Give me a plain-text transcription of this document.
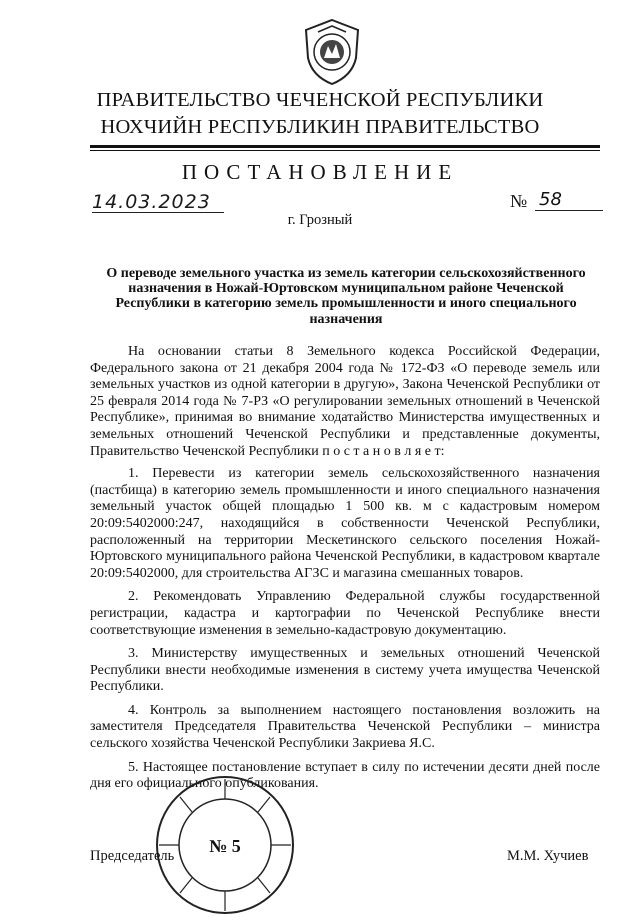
ПРАВИТЕЛЬСТВО ЧЕЧЕНСКОЙ РЕСПУБЛИКИ
НОХЧИЙН РЕСПУБЛИКИН ПРАВИТЕЛЬСТВО
ПОСТАНОВЛЕНИЕ
14.03.2023	№ 58
г. Грозный
О переводе земельного участка из земель категории сельскохозяйственного назначения в Ножай-Юртовском муниципальном районе Чеченской Республики в категорию земель промышленности и иного специального назначения

На основании статьи 8 Земельного кодекса Российской Федерации, Федерального закона от 21 декабря 2004 года № 172-ФЗ «О переводе земель или земельных участков из одной категории в другую», Закона Чеченской Республики от 25 февраля 2014 года № 7-РЗ «О регулировании земельных отношений в Чеченской Республике», принимая во внимание ходатайство Министерства имущественных и земельных отношений Чеченской Республики и представленные документы, Правительство Чеченской Республики п о с т а н о в л я е т:

1. Перевести из категории земель сельскохозяйственного назначения (пастбища) в категорию земель промышленности и иного специального назначения земельный участок общей площадью 1 500 кв. м с кадастровым номером 20:09:5402000:247, находящийся в собственности Чеченской Республики, расположенный на территории Мескетинского сельского поселения Ножай-Юртовского муниципального района Чеченской Республики, в кадастровом квартале 20:09:5402000, для строительства АГЗС и магазина смешанных товаров.

2. Рекомендовать Управлению Федеральной службы государственной регистрации, кадастра и картографии по Чеченской Республике внести соответствующие изменения в земельно-кадастровую документацию.

3. Министерству имущественных и земельных отношений Чеченской Республики внести необходимые изменения в систему учета имущества Чеченской Республики.

4. Контроль за выполнением настоящего постановления возложить на заместителя Председателя Правительства Чеченской Республики – министра сельского хозяйства Чеченской Республики Закриева Я.С.

5. Настоящее постановление вступает в силу по истечении десяти дней после дня его официального опубликования.

№ 5
Председатель	М.М. Хучиев
